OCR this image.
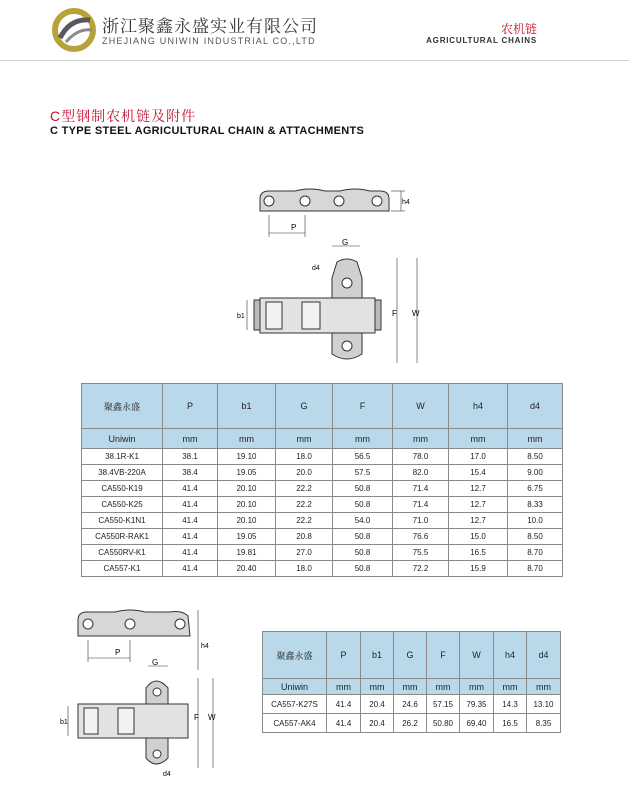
浙江聚鑫永盛实业有限公司
ZHEJIANG UNIWIN INDUSTRIAL CO.,LTD
农机链
AGRICULTURAL CHAINS
C型钢制农机链及附件
C TYPE STEEL AGRICULTURAL CHAIN & ATTACHMENTS
P
h4
G
d4
b1	F W
聚鑫永盛	P	b1	G	F	W	h4	d4
Uniwin	mm	mm	mm	mm	mm	mm	mm
38.1R-K1	38.1	19.10	18.0	56.5	78.0	17.0	8.50
38.4VB-220A	38.4	19.05	20.0	57.5	82.0	15.4	9.00
CA550-K19	41.4	20.10	22.2	50.8	71.4	12.7	6.75
CA550-K25	41.4	20.10	22.2	50.8	71.4	12.7	8.33
CA550-K1N1	41.4	20.10	22.2	54.0	71.0	12.7	10.0
CA550R-RAK1	41.4	19.05	20.8	50.8	76.6	15.0	8.50
CA550RV-K1	41.4	19.81	27.0	50.8	75.5	16.5	8.70
CA557-K1	41.4	20.40	18.0	50.8	72.2	15.9	8.70
P
h4
G
b1
F W
d4
聚鑫永盛	P	b1	G	F	W	h4	d4
Uniwin	mm	mm	mm	mm	mm	mm	mm
CA557-K27S	41.4	20.4	24.6	57.15	79.35	14.3	13.10
CA557-AK4	41.4	20.4	26.2	50.80	69.40	16.5	8.35
